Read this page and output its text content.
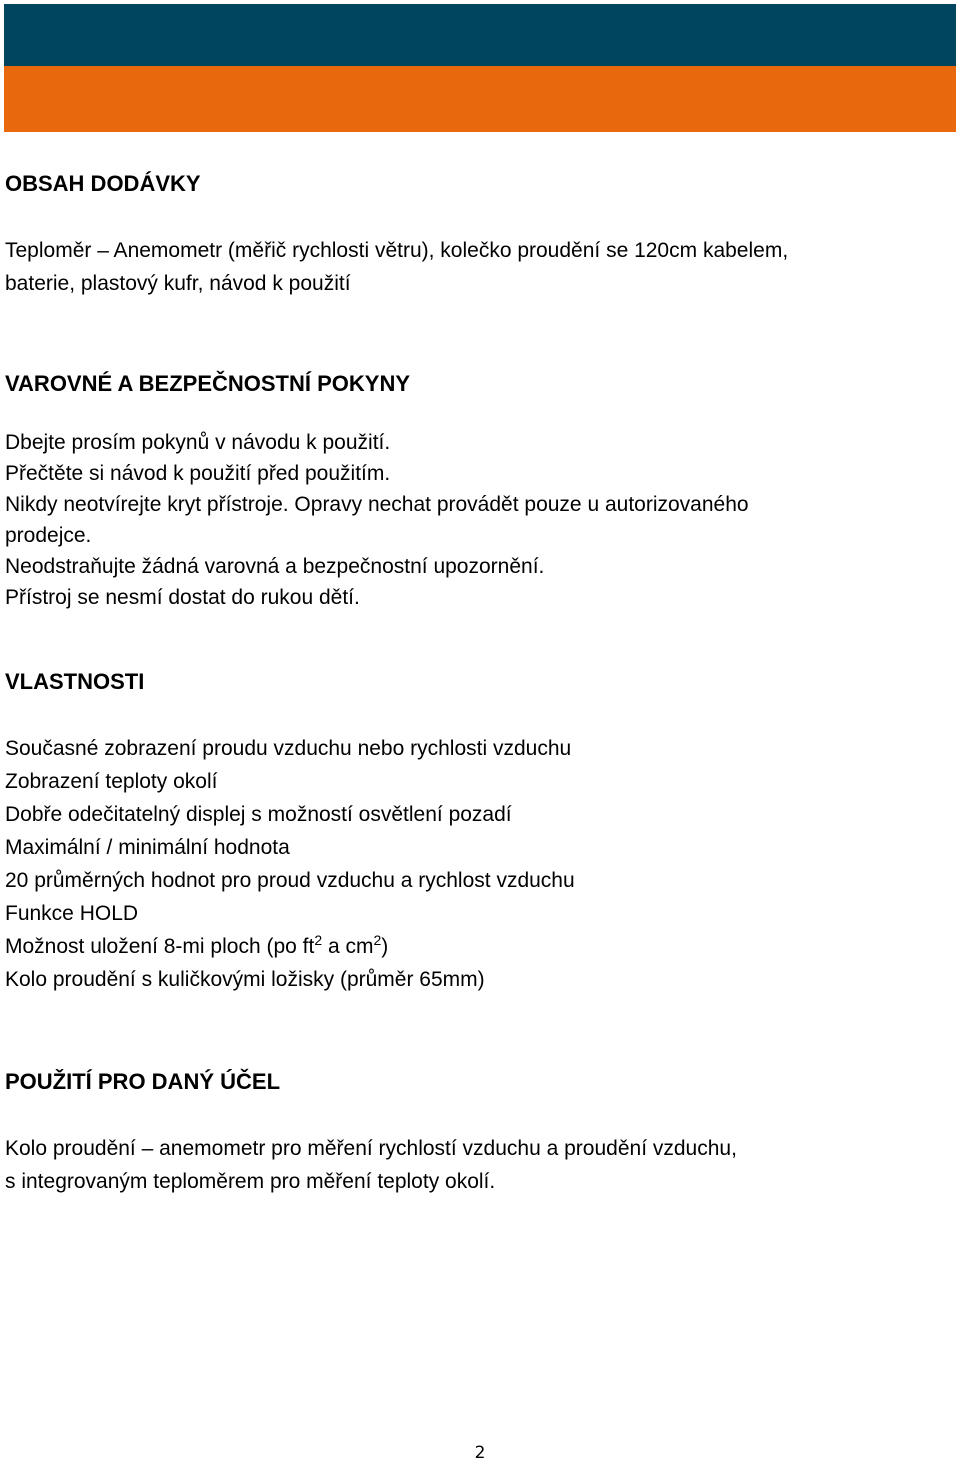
OBSAH DODÁVKY

Teploměr – Anemometr (měřič rychlosti větru), kolečko proudění se 120cm kabelem,
baterie, plastový kufr, návod k použití

VAROVNÉ A BEZPEČNOSTNÍ POKYNY

Dbejte prosím pokynů v návodu k použití.
Přečtěte si návod k použití před použitím.
Nikdy neotvírejte kryt přístroje. Opravy nechat provádět pouze u autorizovaného
prodejce.
Neodstraňujte žádná varovná a bezpečnostní upozornění.
Přístroj se nesmí dostat do rukou dětí.

VLASTNOSTI

Současné zobrazení proudu vzduchu nebo rychlosti vzduchu
Zobrazení teploty okolí
Dobře odečitatelný displej s možností osvětlení pozadí
Maximální / minimální hodnota
20 průměrných hodnot pro proud vzduchu a rychlost vzduchu
Funkce HOLD
Možnost uložení 8-mi ploch (po $ft^2$ a $cm^2$)
Kolo proudění s kuličkovými ložisky (průměr 65mm)

POUŽITÍ PRO DANÝ ÚČEL

Kolo proudění – anemometr pro měření rychlostí vzduchu a proudění vzduchu,
s integrovaným teploměrem pro měření teploty okolí.

2
